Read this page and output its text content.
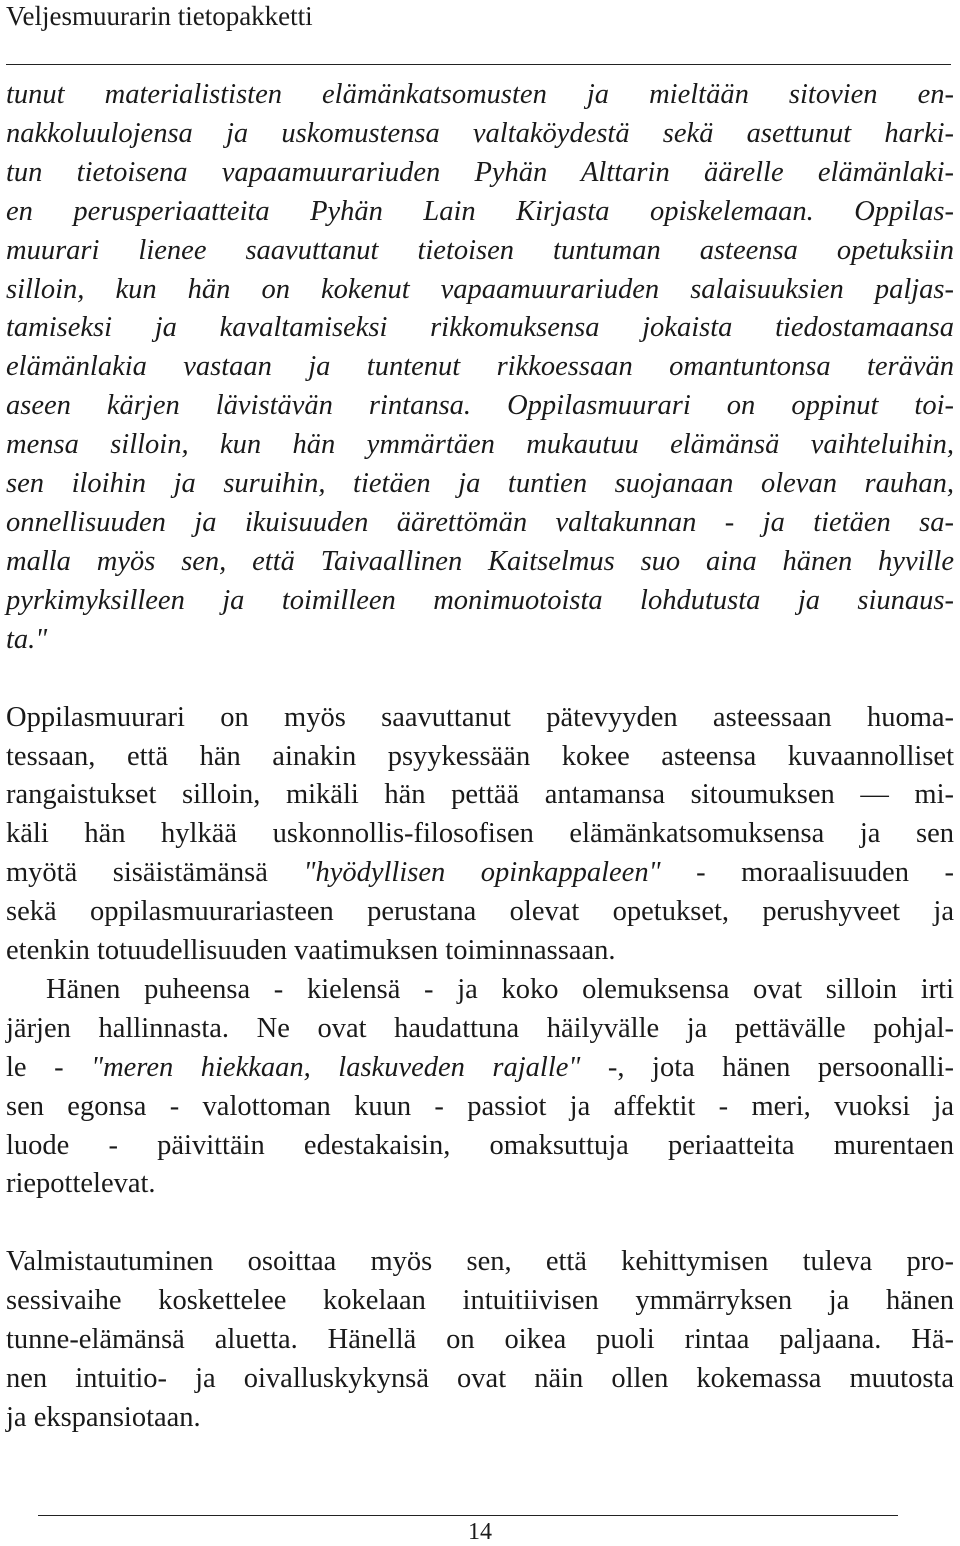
Veljesmuurarin tietopakketti
tunut materialististen elämänkatsomusten ja mieltään sitovien en-
nakkoluulojensa ja uskomustensa valtaköydestä sekä asettunut harki-
tun tietoisena vapaamuurariuden Pyhän Alttarin äärelle elämänlaki-
en perusperiaatteita Pyhän Lain Kirjasta opiskelemaan. Oppilas-
muurari lienee saavuttanut tietoisen tuntuman asteensa opetuksiin
silloin, kun hän on kokenut vapaamuurariuden salaisuuksien paljas-
tamiseksi ja kavaltamiseksi rikkomuksensa jokaista tiedostamaansa
elämänlakia vastaan ja tuntenut rikkoessaan omantuntonsa terävän
aseen kärjen lävistävän rintansa. Oppilasmuurari on oppinut toi-
mensa silloin, kun hän ymmärtäen mukautuu elämänsä vaihteluihin,
sen iloihin ja suruihin, tietäen ja tuntien suojanaan olevan rauhan,
onnellisuuden ja ikuisuuden äärettömän valtakunnan - ja tietäen sa-
malla myös sen, että Taivaallinen Kaitselmus suo aina hänen hyville
pyrkimyksilleen ja toimilleen monimuotoista lohdutusta ja siunaus-
ta."
Oppilasmuurari on myös saavuttanut pätevyyden asteessaan huoma-
tessaan, että hän ainakin psyykessään kokee asteensa kuvaannolliset
rangaistukset silloin, mikäli hän pettää antamansa sitoumuksen — mi-
käli hän hylkää uskonnollis-filosofisen elämänkatsomuksensa ja sen
myötä sisäistämänsä "hyödyllisen opinkappaleen" - moraalisuuden -
sekä oppilasmuurariasteen perustana olevat opetukset, perushyveet ja
etenkin totuudellisuuden vaatimuksen toiminnassaan.
Hänen puheensa - kielensä - ja koko olemuksensa ovat silloin irti
järjen hallinnasta. Ne ovat haudattuna häilyvälle ja pettävälle pohjal-
le - "meren hiekkaan, laskuveden rajalle" -, jota hänen persoonalli-
sen egonsa - valottoman kuun - passiot ja affektit - meri, vuoksi ja
luode - päivittäin edestakaisin, omaksuttuja periaatteita murentaen
riepottelevat.
Valmistautuminen osoittaa myös sen, että kehittymisen tuleva pro-
sessivaihe koskettelee kokelaan intuitiivisen ymmärryksen ja hänen
tunne-elämänsä aluetta. Hänellä on oikea puoli rintaa paljaana. Hä-
nen intuitio- ja oivalluskykynsä ovat näin ollen kokemassa muutosta
ja ekspansiotaan.
14
